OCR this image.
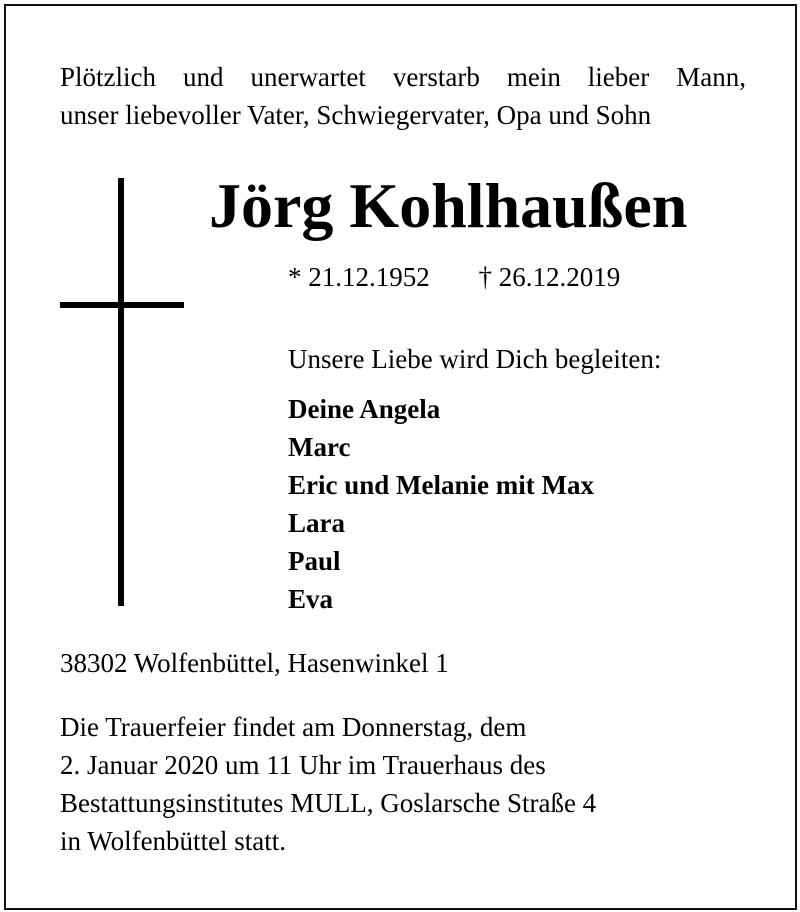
Plötzlich und unerwartet verstarb mein lieber Mann,
unser liebevoller Vater, Schwiegervater, Opa und Sohn
Jörg Kohlhaußen
* 21.12.1952 † 26.12.2019
Unsere Liebe wird Dich begleiten:
Deine Angela
Marc
Eric und Melanie mit Max
Lara
Paul
Eva
38302 Wolfenbüttel, Hasenwinkel 1
Die Trauerfeier findet am Donnerstag, dem
2. Januar 2020 um 11 Uhr im Trauerhaus des
Bestattungsinstitutes MULL, Goslarsche Straße 4
in Wolfenbüttel statt.
